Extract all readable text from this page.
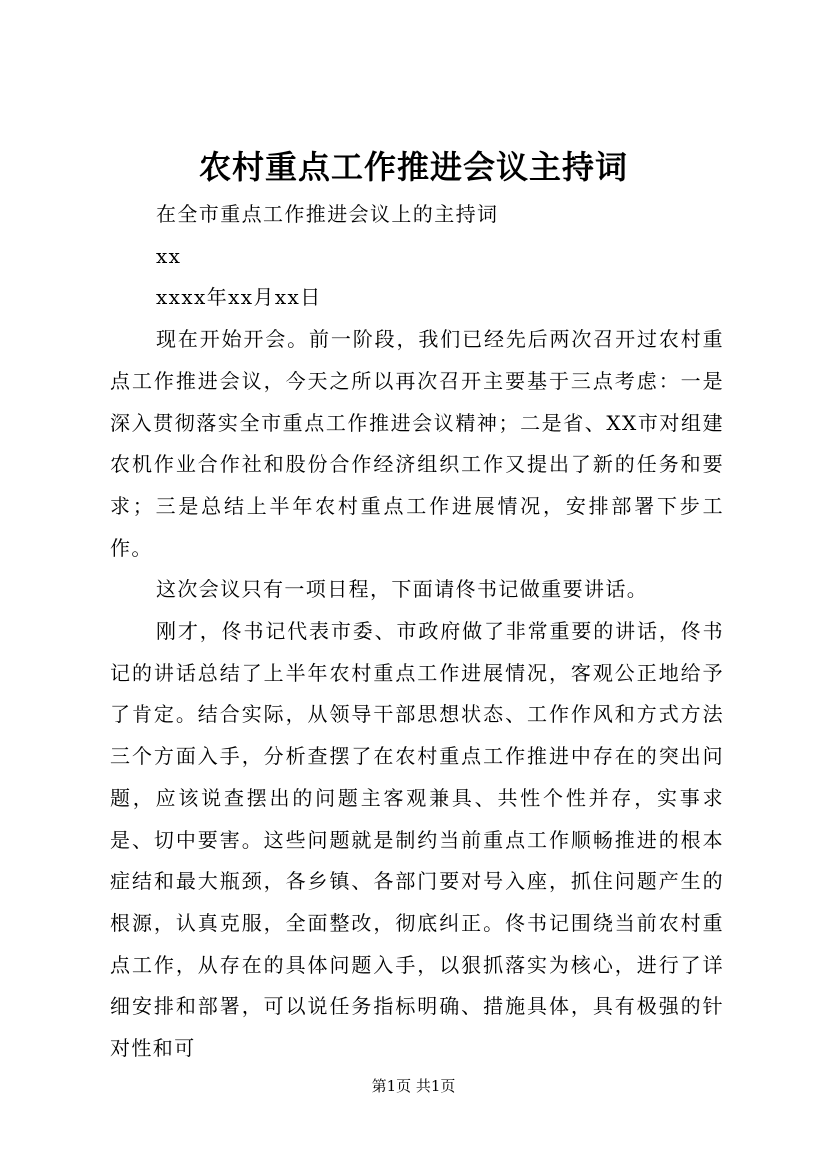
农村重点工作推进会议主持词

在全市重点工作推进会议上的主持词

xx

xxxx年xx月xx日

现在开始开会。前一阶段，我们已经先后两次召开过农村重点工作推进会议，今天之所以再次召开主要基于三点考虑：一是深入贯彻落实全市重点工作推进会议精神；二是省、XX市对组建农机作业合作社和股份合作经济组织工作又提出了新的任务和要求；三是总结上半年农村重点工作进展情况，安排部署下步工作。

这次会议只有一项日程，下面请佟书记做重要讲话。

刚才，佟书记代表市委、市政府做了非常重要的讲话，佟书记的讲话总结了上半年农村重点工作进展情况，客观公正地给予了肯定。结合实际，从领导干部思想状态、工作作风和方式方法三个方面入手，分析查摆了在农村重点工作推进中存在的突出问题，应该说查摆出的问题主客观兼具、共性个性并存，实事求是、切中要害。这些问题就是制约当前重点工作顺畅推进的根本症结和最大瓶颈，各乡镇、各部门要对号入座，抓住问题产生的根源，认真克服，全面整改，彻底纠正。佟书记围绕当前农村重点工作，从存在的具体问题入手，以狠抓落实为核心，进行了详细安排和部署，可以说任务指标明确、措施具体，具有极强的针对性和可

第1页 共1页
